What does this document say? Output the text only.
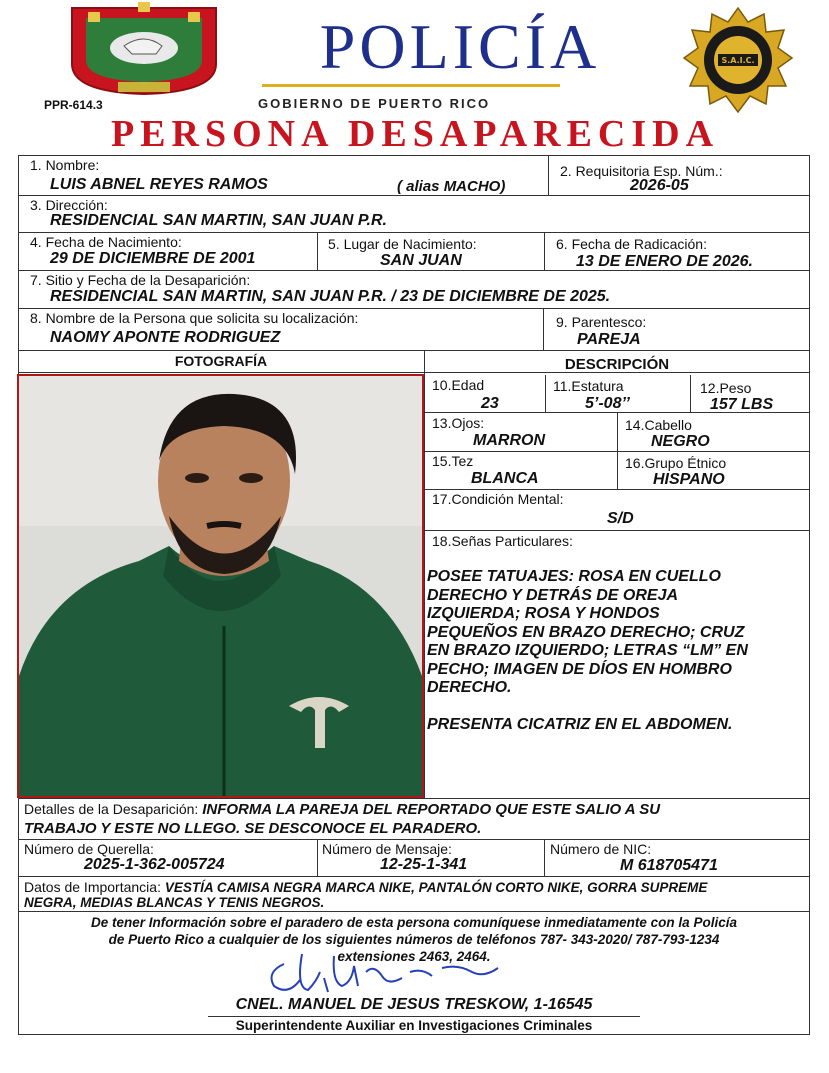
PPR-614.3
POLICÍA
GOBIERNO DE PUERTO RICO
S.A.I.C.
PERSONA DESAPARECIDA
1. Nombre:
LUIS ABNEL REYES RAMOS	( alias MACHO)
2. Requisitoria Esp. Núm.:
2026-05
3. Dirección:
RESIDENCIAL SAN MARTIN, SAN JUAN P.R.
4. Fecha de Nacimiento:
29 DE DICIEMBRE DE 2001
5. Lugar de Nacimiento:
SAN JUAN
6. Fecha de Radicación:
13 DE ENERO DE 2026.
7. Sitio y Fecha de la Desaparición:
RESIDENCIAL SAN MARTIN, SAN JUAN P.R. / 23 DE DICIEMBRE DE 2025.
8. Nombre de la Persona que solicita su localización:
NAOMY APONTE RODRIGUEZ
9. Parentesco:
PAREJA
FOTOGRAFÍA	DESCRIPCIÓN
10.Edad
23
11.Estatura
5’-08’’
12.Peso
157 LBS
13.Ojos:
MARRON
14.Cabello
NEGRO
15.Tez
BLANCA
16.Grupo Étnico
HISPANO
17.Condición Mental:
S/D
18.Señas Particulares:
POSEE TATUAJES: ROSA EN CUELLO
DERECHO Y DETRÁS DE OREJA
IZQUIERDA; ROSA Y HONDOS
PEQUEÑOS EN BRAZO DERECHO; CRUZ
EN BRAZO IZQUIERDO; LETRAS “LM” EN
PECHO; IMAGEN DE DÍOS EN HOMBRO
DERECHO.
PRESENTA CICATRIZ EN EL ABDOMEN.
Detalles de la Desaparición: INFORMA LA PAREJA DEL REPORTADO QUE ESTE SALIO A SU
TRABAJO Y ESTE NO LLEGO. SE DESCONOCE EL PARADERO.
Número de Querella:
2025-1-362-005724
Número de Mensaje:
12-25-1-341
Número de NIC:
M 618705471
Datos de Importancia: VESTÍA CAMISA NEGRA MARCA NIKE, PANTALÓN CORTO NIKE, GORRA SUPREME
NEGRA, MEDIAS BLANCAS Y TENIS NEGROS.
De tener Información sobre el paradero de esta persona comuníquese inmediatamente con la Policía
de Puerto Rico a cualquier de los siguientes números de teléfonos 787- 343-2020/ 787-793-1234
extensiones 2463, 2464.
CNEL. MANUEL DE JESUS TRESKOW, 1-16545
Superintendente Auxiliar en Investigaciones Criminales
